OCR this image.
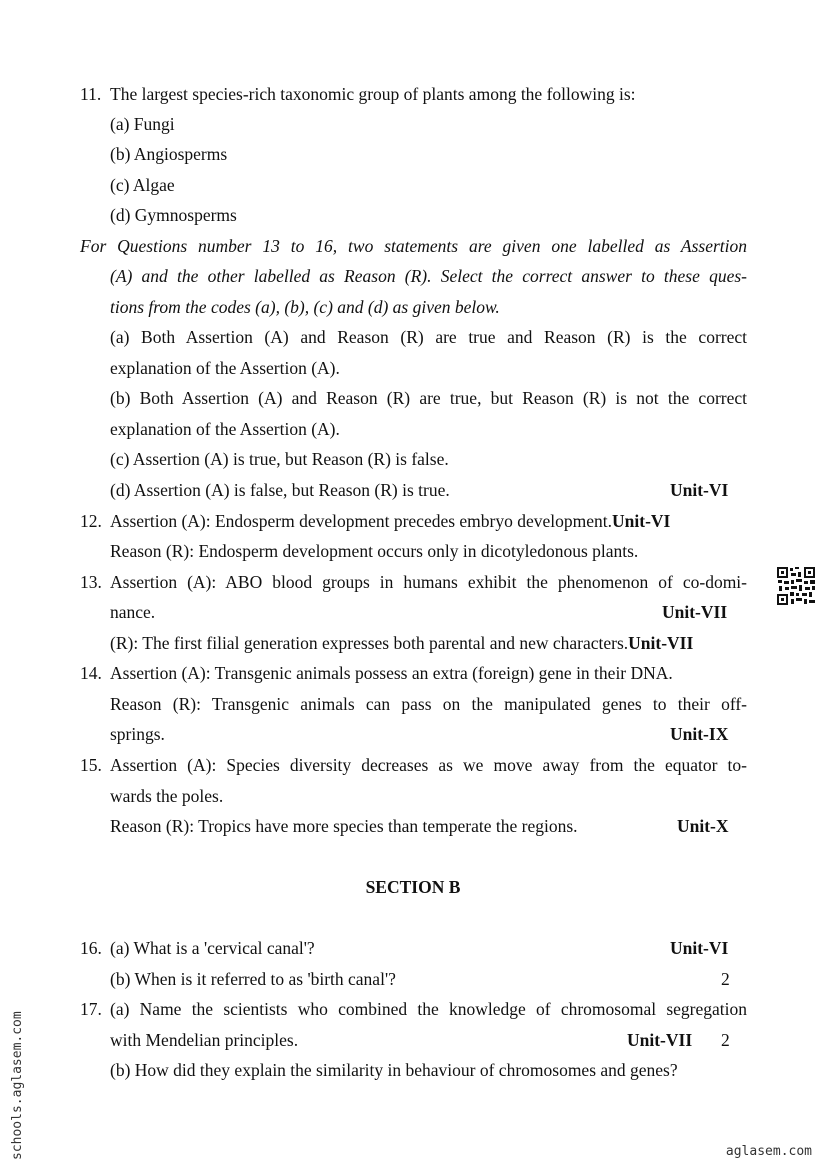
11. The largest species-rich taxonomic group of plants among the following is:
(a) Fungi
(b) Angiosperms
(c) Algae
(d) Gymnosperms
For Questions number 13 to 16, two statements are given one labelled as Assertion
(A) and the other labelled as Reason (R). Select the correct answer to these ques-
tions from the codes (a), (b), (c) and (d) as given below.
(a) Both Assertion (A) and Reason (R) are true and Reason (R) is the correct
explanation of the Assertion (A).
(b) Both Assertion (A) and Reason (R) are true, but Reason (R) is not the correct
explanation of the Assertion (A).
(c) Assertion (A) is true, but Reason (R) is false.
(d) Assertion (A) is false, but Reason (R) is true.	Unit-VI
12. Assertion (A): Endosperm development precedes embryo development.Unit-VI
Reason (R): Endosperm development occurs only in dicotyledonous plants.
13. Assertion (A): ABO blood groups in humans exhibit the phenomenon of co-domi-
nance.	Unit-VII
(R): The first filial generation expresses both parental and new characters.Unit-VII
14. Assertion (A): Transgenic animals possess an extra (foreign) gene in their DNA.
Reason (R): Transgenic animals can pass on the manipulated genes to their off-
springs.	Unit-IX
15. Assertion (A): Species diversity decreases as we move away from the equator to-
wards the poles.
Reason (R): Tropics have more species than temperate the regions.	Unit-X
SECTION B
16. (a) What is a 'cervical canal'?	Unit-VI
(b) When is it referred to as 'birth canal'?	2
17. (a) Name the scientists who combined the knowledge of chromosomal segregation
with Mendelian principles.	Unit-VII 2
(b) How did they explain the similarity in behaviour of chromosomes and genes?
schools.aglasem.com	aglasem.com
